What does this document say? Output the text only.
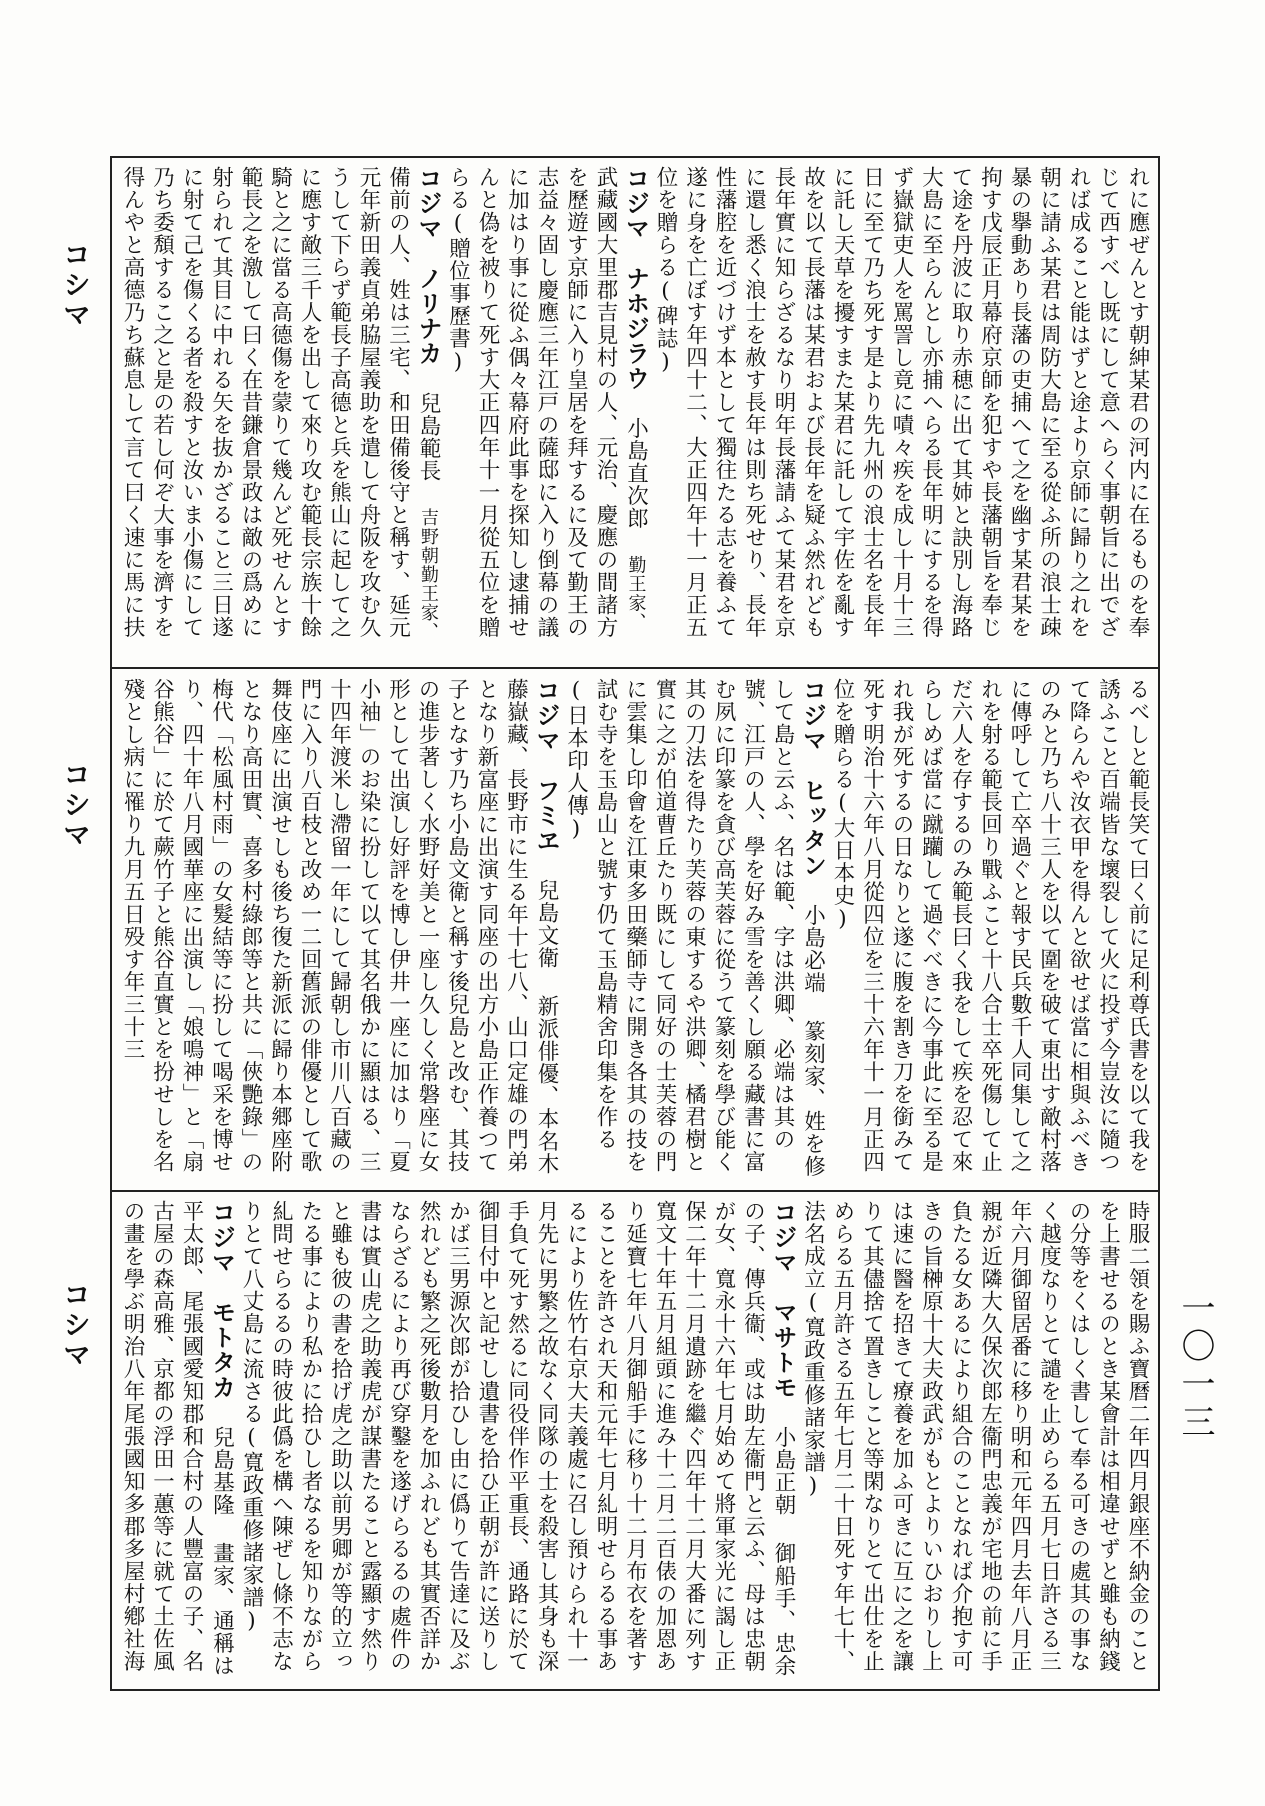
コシマ
コシマ
コシマ	一〇一三
れに應ぜんとす朝紳某君の河内に在るものを奉じて西すべし既にして意へらく事朝旨に出でざれば成ること能はずと途より京師に歸り之れを朝に請ふ某君は周防大島に至る從ふ所の浪士疎暴の擧動あり長藩の吏捕へて之を幽す某君某を拘す戊辰正月幕府京師を犯すや長藩朝旨を奉じて途を丹波に取り赤穂に出て其姉と訣別し海路大島に至らんとし亦捕へらる長年明にするを得ず嶽獄吏人を罵詈し竟に嘖々疾を成し十月十三日に至て乃ち死す是より先九州の浪士名を長年に託し天草を擾すまた某君に託して宇佐を亂す故を以て長藩は某君および長年を疑ふ然れども長年實に知らざるなり明年長藩請ふて某君を京に還し悉く浪士を赦す長年は則ち死せり、長年性藩腔を近づけず本として獨往たる志を養ふて遂に身を亡ぼす年四十二、大正四年十一月正五位を贈らる(碑誌)
コジマ　ナホジラウ 小島直次郎 勤王家、 武藏國大里郡吉見村の人、元治、慶應の間諸方を歷遊す京師に入り皇居を拜するに及て勤王の志益々固し慶應三年江戸の薩邸に入り倒幕の議に加はり事に從ふ偶々幕府此事を探知し逮捕せんと偽を被りて死す大正四年十一月從五位を贈らる(贈位事歷書)
コジマ　ノリナカ 兒島範長 吉野朝勤王家、 備前の人、姓は三宅、和田備後守と稱す、延元元年新田義貞弟脇屋義助を遣して舟阪を攻む久うして下らず範長子高德と兵を熊山に起して之に應す敵三千人を出して來り攻む範長宗族十餘騎と之に當る高德傷を蒙りて幾んど死せんとす範長之を激して曰く在昔鎌倉景政は敵の爲めに射られて其目に中れる矢を抜かざること三日遂に射て己を傷くる者を殺すと汝いま小傷にして乃ち委頽するこ之と是の若し何ぞ大事を濟すを得んやと高德乃ち蘇息して言て曰く速に馬に扶
るべしと範長笑て曰く前に足利尊氏書を以て我を誘ふこと百端皆な壞裂して火に投ず今豈汝に隨つて降らんや汝衣甲を得んと欲せば當に相與ふべきのみと乃ち八十三人を以て圍を破て東出す敵村落に傳呼して亡卒過ぐと報す民兵數千人同集して之れを射る範長回り戰ふこと十八合士卒死傷して止だ六人を存するのみ範長曰く我をして疾を忍て來らしめば當に蹴躪して過ぐべきに今事此に至る是れ我が死するの日なりと遂に腹を割き刀を銜みて死す明治十六年八月從四位を三十六年十一月正四位を贈らる(大日本史)
コジマ　ヒッタン 小島必端 篆刻家、姓を修して島と云ふ、名は範、字は洪卿、必端は其の號、江戸の人、學を好み雪を善くし願る藏書に富む夙に印篆を貪び高芙蓉に從うて篆刻を學び能く其の刀法を得たり芙蓉の東するや洪卿、橘君樹と實に之が伯道曹丘たり既にして同好の士芙蓉の門に雲集し印會を江東多田藥師寺に開き各其の技を試む寺を玉島山と號す仍て玉島精舍印集を作る(日本印人傳)
コジマ　フミヱ 兒島文衛 新派俳優、本名木藤嶽藏、長野市に生る年十七八、山口定雄の門弟となり新富座に出演す同座の出方小島正作養つて子となす乃ち小島文衛と稱す後兒島と改む、其技の進步著しく水野好美と一座し久しく常磐座に女形として出演し好評を博し伊井一座に加はり「夏小袖」のお染に扮して以て其名俄かに顯はる、三十四年渡米し滯留一年にして歸朝し市川八百藏の門に入り八百枝と改め一二回舊派の俳優として歌舞伎座に出演せしも後ち復た新派に歸り本郷座附となり高田實、喜多村綠郎等と共に「俠艷錄」の梅代「松風村雨」の女髮結等に扮して喝采を博せり、四十年八月國華座に出演し「娘鳴神」と「扇谷熊谷」に於て蕨竹子と熊谷直實とを扮せしを名殘とし病に罹り九月五日殁す年三十三

時服二領を賜ふ寶曆二年四月銀座不納金のことを上書せるのとき某會計は相違せずと雖も納錢の分等をくはしく書して奉る可きの處其の事なく越度なりとて譴を止めらる五月七日許さる三年六月御留居番に移り明和元年四月去年八月正親が近隣大久保次郎左衞門忠義が宅地の前に手負たる女あるにより組合のことなれば介抱す可きの旨榊原十大夫政武がもとよりいひおりし上は速に醫を招きて療養を加ふ可きに互に之を讓りて其儘捨て置きしこと等閑なりとて出仕を止めらる五月許さる五年七月二十日死す年七十、法名成立(寬政重修諸家譜)
コジマ　マサトモ 小島正朝 御船手、忠余の子、傳兵衞、或は助左衞門と云ふ、母は忠朝が女、寬永十六年七月始めて將軍家光に謁し正保二年十二月遺跡を繼ぐ四年十二月大番に列す寬文十年五月組頭に進み十二月二百俵の加恩あり延寶七年八月御船手に移り十二月布衣を著することを許され天和元年七月糺明せらるる事あるにより佐竹右京大夫義處に召し預けられ十一月先に男繁之故なく同隊の士を殺害し其身も深手負て死す然るに同役伴作平重長、通路に於て御目付中と記せし遺書を拾ひ正朝が許に送りしかば三男源次郎が拾ひし由に僞りて告達に及ぶ然れども繁之死後數月を加ふれども其實否詳かならざるにより再び穿鑿を遂げらるるの處件の書は實山虎之助義虎が謀書たること露顯す然りと雖も彼の書を拾げ虎之助以前男卿が等的立ったる事により私かに拾ひし者なるを知りながら糺問せらるるの時彼此僞を構へ陳ぜし條不志なりとて八丈島に流さる(寬政重修諸家譜)
コジマ　モトタカ 兒島基隆 畫家、通稱は平太郎、尾張國愛知郡和合村の人豐富の子、名古屋の森高雅、京都の浮田一蕙等に就て土佐風の畫を學ぶ明治八年尾張國知多郡多屋村鄕社海
